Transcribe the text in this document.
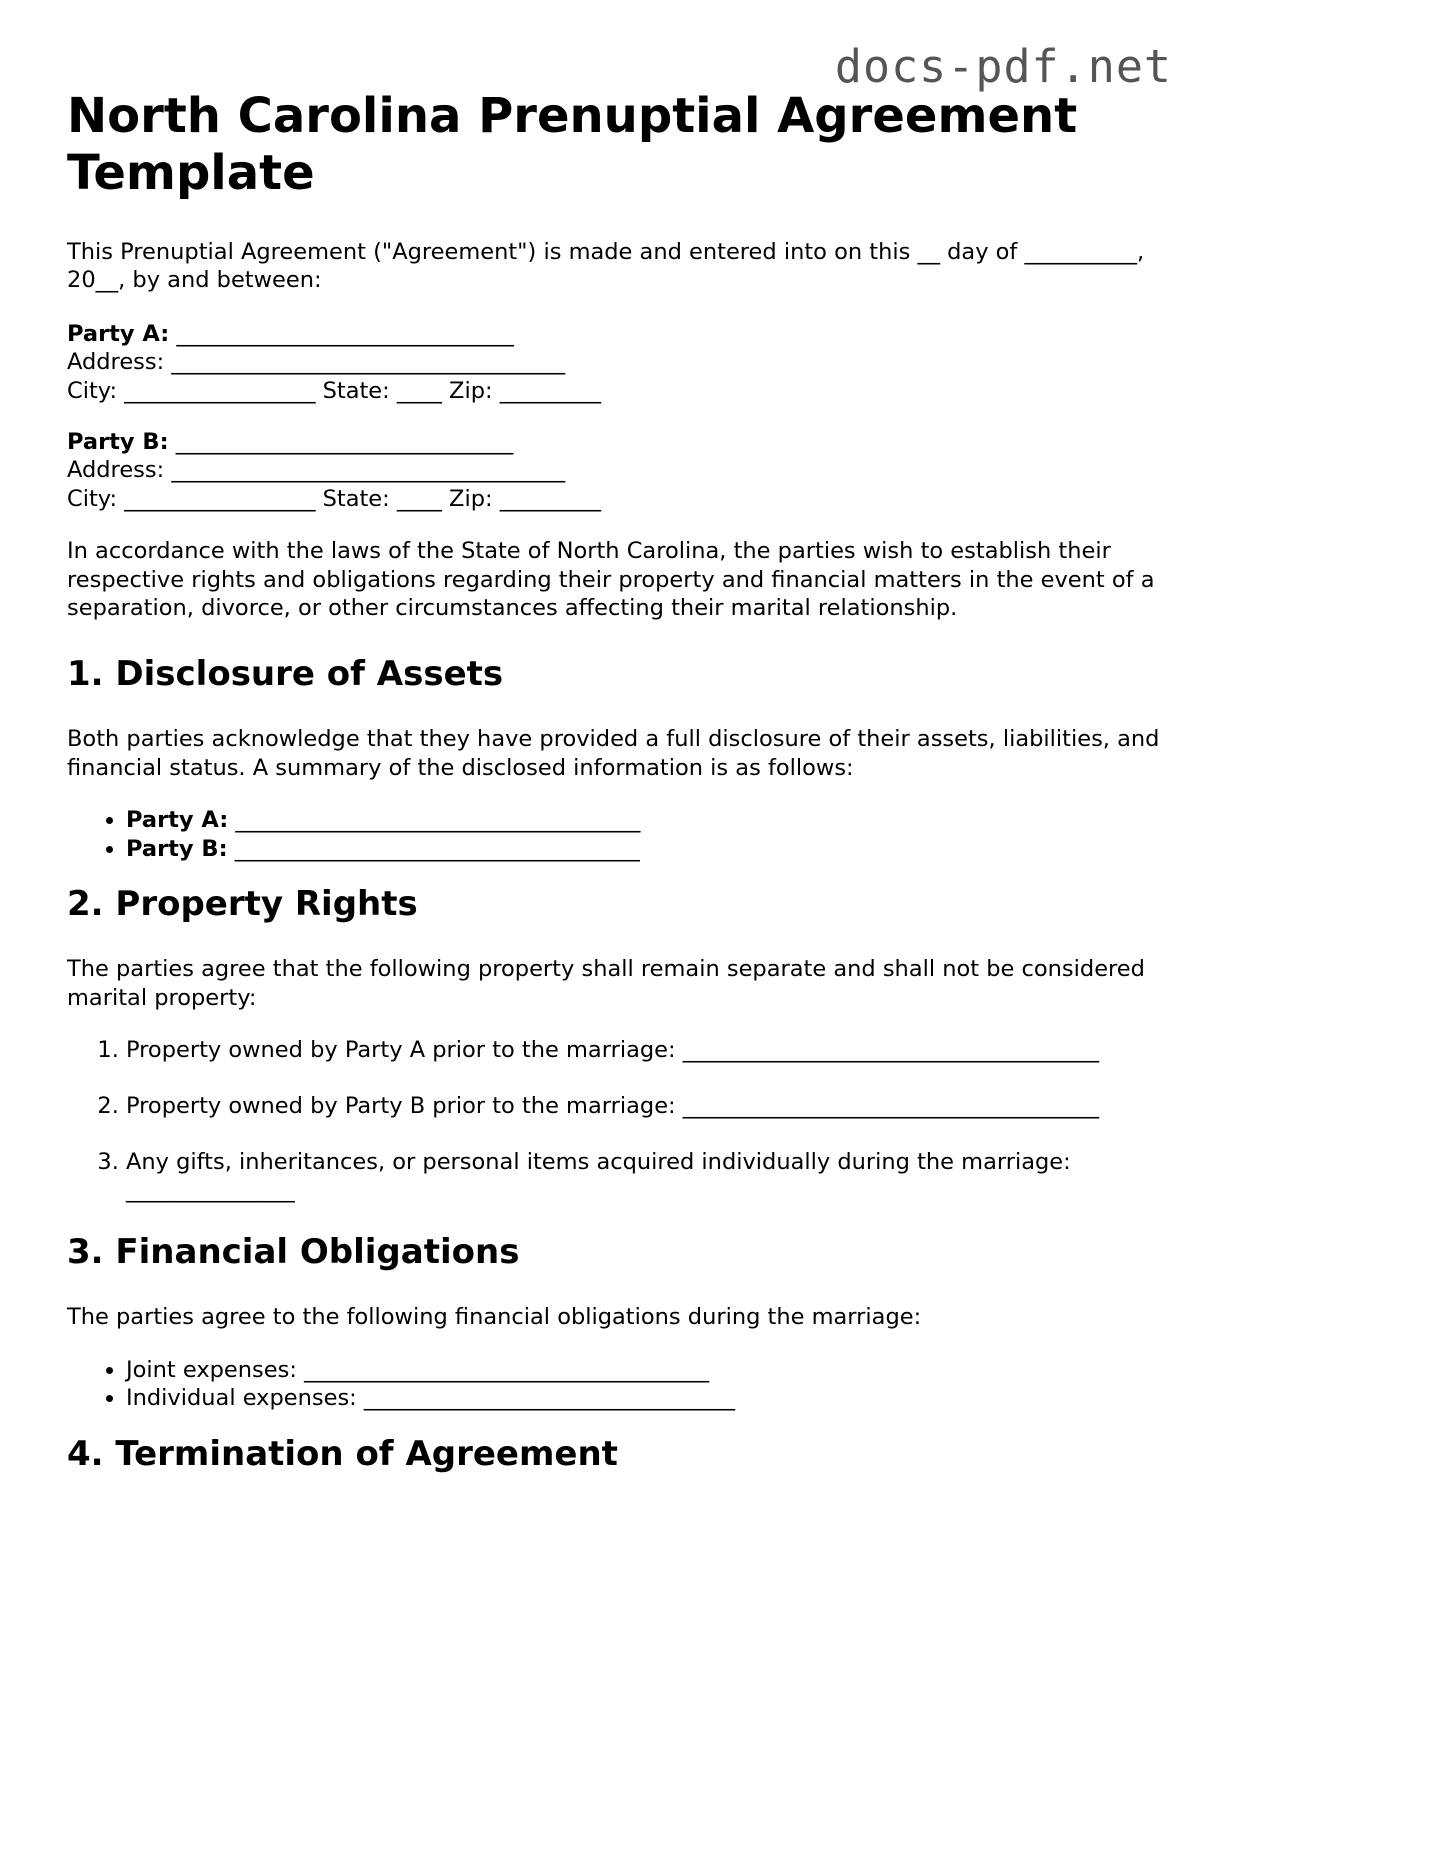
docs-pdf.net
North Carolina Prenuptial Agreement Template

This Prenuptial Agreement ("Agreement") is made and entered into on this __ day of __________, 20__, by and between:

Party A: ______________________________
Address: ___________________________________
City: _________________ State: ____ Zip: _________
Party B: ______________________________
Address: ___________________________________
City: _________________ State: ____ Zip: _________

In accordance with the laws of the State of North Carolina, the parties wish to establish their respective rights and obligations regarding their property and financial matters in the event of a separation, divorce, or other circumstances affecting their marital relationship.

1. Disclosure of Assets

Both parties acknowledge that they have provided a full disclosure of their assets, liabilities, and financial status. A summary of the disclosed information is as follows:

• Party A: ____________________________________
• Party B: ____________________________________
2. Property Rights

The parties agree that the following property shall remain separate and shall not be considered marital property:

1. Property owned by Party A prior to the marriage: _____________________________________
2. Property owned by Party B prior to the marriage: _____________________________________
3. Any gifts, inheritances, or personal items acquired individually during the marriage: _______________
3. Financial Obligations

The parties agree to the following financial obligations during the marriage:

• Joint expenses: ____________________________________
• Individual expenses: _________________________________
4. Termination of Agreement
